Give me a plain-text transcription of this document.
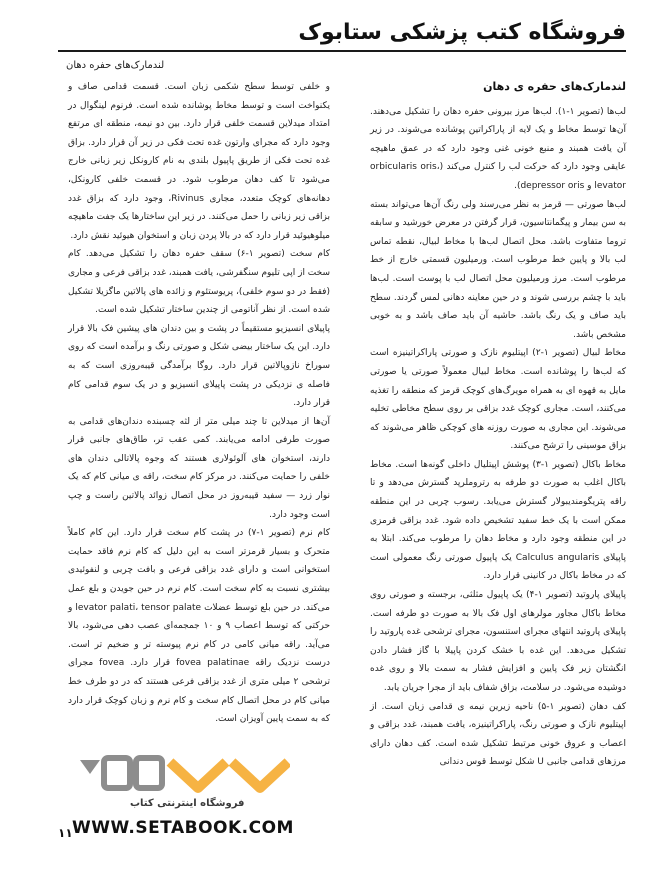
فروشگاه کتب پزشکی ستابوک
لندمارک‌های حفره دهان
لندمارک‌های حفره ی دهان

لب‌ها (تصویر ۱-۱). لب‌ها مرز بیرونی حفره دهان را تشکیل می‌دهند. آن‌ها توسط مخاط و یک لایه از پاراکراتین پوشانده می‌شوند. در زیر آن یافت همبند و منبع خونی غنی وجود دارد که در عمق ماهیچه عایقی وجود دارد که حرکت لب را کنترل می‌کند (orbicularis oris، levator و depressor oris).

لب‌ها صورتی — قرمز به نظر می‌رسند ولی رنگ آن‌ها می‌تواند بسته به سن بیمار و پیگمانتاسیون، قرار گرفتن در معرض خورشید و سابقه تروما متفاوت باشد. محل اتصال لب‌ها با مخاط لبیال، نقطه تماس لب بالا و پایین خط مرطوب است. ورمیلیون قسمتی خارج از خط مرطوب است. مرز ورمیلیون محل اتصال لب با پوست است. لب‌ها باید با چشم بررسی شوند و در حین معاینه دهانی لمس گردند. سطح باید صاف و یک رنگ باشد. حاشیه آن باید صاف باشد و به خوبی مشخص باشد.

مخاط لبیال (تصویر ۱-۲) اپیتلیوم نازک و صورتی پاراکراتینیزه است که لب‌ها را پوشانده است. مخاط لبیال معمولاً صورتی یا صورتی مایل به قهوه ای به همراه مویرگ‌های کوچک قرمز که منطقه را تغذیه می‌کنند، است. مجاری کوچک غدد بزاقی بر روی سطح مخاطی تخلیه می‌شوند. این مجاری به صورت روزنه های کوچکی ظاهر می‌شوند که بزاق موسینی را ترشح می‌کنند.

مخاط باکال (تصویر ۱-۳) پوشش اپیتلیال داخلی گونه‌ها است. مخاط باکال اغلب به صورت دو طرفه به رتروملرپد گسترش می‌دهد و تا راقه پتریگومندیبولار گسترش می‌یابد. رسوب چربی در این منطقه ممکن است با یک خط سفید تشخیص داده شود. غدد بزاقی قرمزی در این منطقه وجود دارد و مخاط دهان را مرطوب می‌کند. ابتلا به پاپیلای Calculus angularis یک پاپیول صورتی رنگ معمولی است که در مخاط باکال در کانینی قرار دارد.

پاپیلای پاروتید (تصویر ۱-۴) یک پاپیول مثلثی، برجسته و صورتی روی مخاط باکال مجاور مولرهای اول فک بالا به صورت دو طرفه است. پاپیلای پاروتید انتهای مجرای استنسون، مجرای ترشحی غده پاروتید را تشکیل می‌دهد. این غده با خشک کردن پاپیلا با گاز فشار دادن انگشتان زیر فک پایین و افزایش فشار به سمت بالا و روی غده دوشیده می‌شود. در سلامت، بزاق شفاف باید از مجرا جریان یابد.

کف دهان (تصویر ۱-۵) ناحیه زیرین نیمه ی قدامی زبان است. از اپیتلیوم نازک و صورتی رنگ، پاراکراتینیزه، یافت همبند، غدد بزاقی و اعصاب و عروق خونی مرتبط تشکیل شده است. کف دهان دارای مرزهای قدامی جانبی U شکل توسط قوس دندانی

و خلفی توسط سطح شکمی زبان است. قسمت قدامی صاف و یکنواخت است و توسط مخاط پوشانده شده است. فرنوم لینگوال در امتداد میدلاین قسمت خلفی قرار دارد. بین دو نیمه، منطقه ای مرتفع وجود دارد که مجرای وارتون غده تحت فکی در زیر آن قرار دارد. بزاق غده تحت فکی از طریق پاپیول بلندی به نام کارونکل زیر زبانی خارج می‌شود تا کف دهان مرطوب شود. در قسمت خلفی کارونکل، دهانه‌های کوچک متعدد، مجاری Rivinus، وجود دارد که بزاق غدد بزاقی زیر زبانی را حمل می‌کنند. در زیر این ساختارها یک جفت ماهیچه میلوهیوئید قرار دارد که در بالا پردن زبان و استخوان هیوئید نقش دارد.

کام سخت (تصویر ۱-۶) سقف حفره دهان را تشکیل می‌دهد. کام سخت از اپی تلیوم سنگفرشی، یافت همبند، غدد بزاقی فرعی و مجاری (فقط در دو سوم خلفی)، پریوستئوم و زائده های پالاتین ماگزیلا تشکیل شده است. از نظر آناتومی از چندین ساختار تشکیل شده است.

پاپیلای انسیزیو مستقیماً در پشت و بین دندان های پیشین فک بالا قرار دارد. این یک ساختار بیضی شکل و صورتی رنگ و برآمده است که روی سوراخ نازوپالاتین قرار دارد. روگا برآمدگی قیبه‌روزی است که به فاصله ی نزدیکی در پشت پاپیلای انسیزیو و در یک سوم قدامی کام قرار دارد.

آن‌ها از میدلاین تا چند میلی متر از لثه چسبنده دندان‌های قدامی به صورت طرفی ادامه می‌یابند. کمی عقب تر، طاق‌های جانبی قرار دارند، استخوان های آلوئولاری هستند که وجوه پالاتالی دندان های خلفی را حمایت می‌کنند. در مرکز کام سخت، راقه ی میانی کام که یک نوار زرد — سفید قیبه‌روز در محل اتصال زوائد پالاتین راست و چپ است وجود دارد.

کام نرم (تصویر ۱-۷) در پشت کام سخت قرار دارد. این کام کاملاً متحرک و بسیار قرمزتر است به این دلیل که کام نرم فاقد حمایت استخوانی است و دارای غدد بزاقی فرعی و بافت چربی و لنفوئیدی بیشتری نسبت به کام سخت است. کام نرم در حین جویدن و بلع عمل می‌کند. در حین بلع توسط عضلات levator palati، tensor palate و حرکتی که توسط اعصاب ۹ و ۱۰ جمجمه‌ای عصب دهی می‌شود، بالا می‌آید. راقه میانی کامی در کام نرم پیوسته تر و ضخیم تر است. درست نزدیک راقه fovea palatinae قرار دارد. fovea مجرای ترشحی ۲ میلی متری از غدد بزاقی فرعی هستند که در دو طرف خط میانی کام در محل اتصال کام سخت و کام نرم و زبان کوچک قرار دارد که به سمت پایین آویزان است.

فروشگاه اینترنتی کتاب
۱۱ WWW.SETABOOK.COM
